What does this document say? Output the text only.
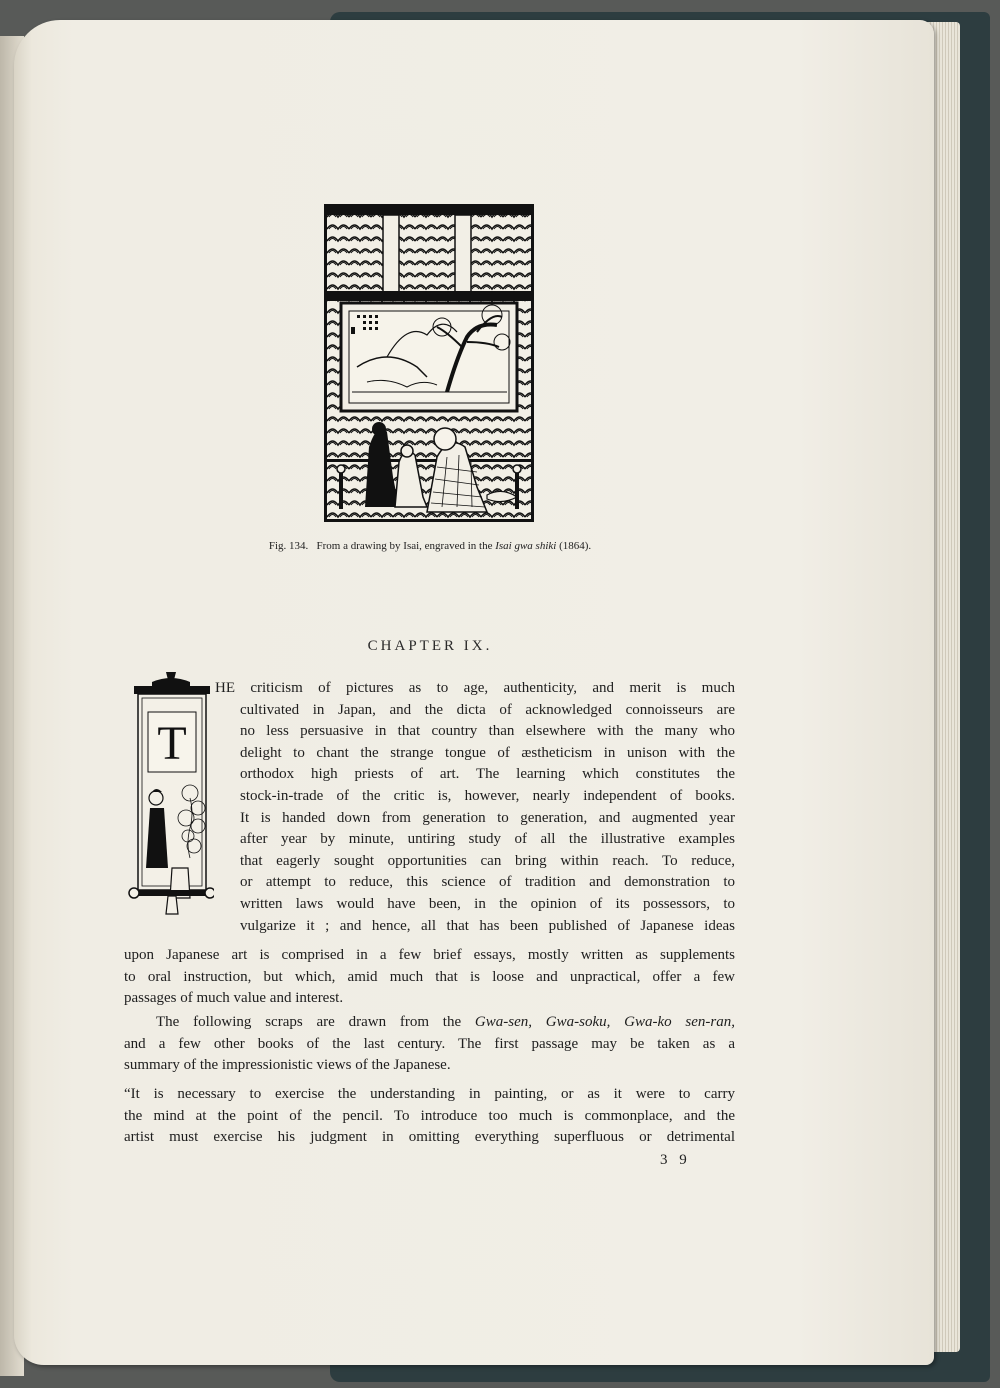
Fig. 134. From a drawing by Isai, engraved in the Isai gwa shiki (1864).
CHAPTER IX.
T
HE criticism of pictures as to age, authenticity, and merit is much
cultivated in Japan, and the dicta of acknowledged connoisseurs are
no less persuasive in that country than elsewhere with the many who
delight to chant the strange tongue of æstheticism in unison with the
orthodox high priests of art. The learning which constitutes the
stock-in-trade of the critic is, however, nearly independent of books.
It is handed down from generation to generation, and augmented year
after year by minute, untiring study of all the illustrative examples
that eagerly sought opportunities can bring within reach. To reduce,
or attempt to reduce, this science of tradition and demonstration to
written laws would have been, in the opinion of its possessors, to
vulgarize it ; and hence, all that has been published of Japanese ideas
upon Japanese art is comprised in a few brief essays, mostly written as supplements
to oral instruction, but which, amid much that is loose and unpractical, offer a few
passages of much value and interest.
The following scraps are drawn from the Gwa-sen, Gwa-soku, Gwa-ko sen-ran,
and a few other books of the last century. The first passage may be taken as a
summary of the impressionistic views of the Japanese.
“It is necessary to exercise the understanding in painting, or as it were to carry
the mind at the point of the pencil. To introduce too much is commonplace, and the
artist must exercise his judgment in omitting everything superfluous or detrimental
3 9
